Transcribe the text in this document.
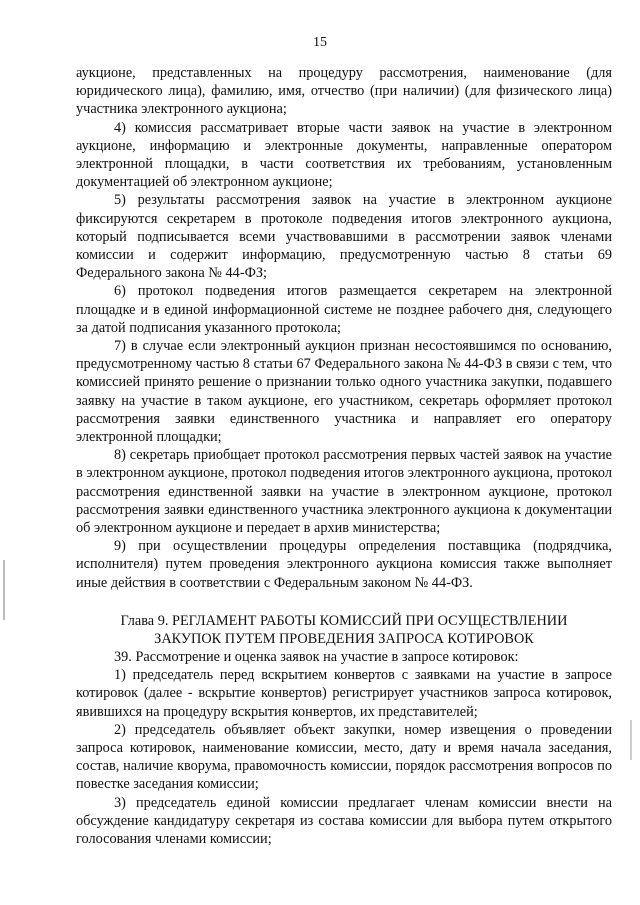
15

аукционе, представленных на процедуру рассмотрения, наименование (для юридического лица), фамилию, имя, отчество (при наличии) (для физического лица) участника электронного аукциона;

4) комиссия рассматривает вторые части заявок на участие в электронном аукционе, информацию и электронные документы, направленные оператором электронной площадки, в части соответствия их требованиям, установленным документацией об электронном аукционе;

5) результаты рассмотрения заявок на участие в электронном аукционе фиксируются секретарем в протоколе подведения итогов электронного аукциона, который подписывается всеми участвовавшими в рассмотрении заявок членами комиссии и содержит информацию, предусмотренную частью 8 статьи 69 Федерального закона № 44-ФЗ;

6) протокол подведения итогов размещается секретарем на электронной площадке и в единой информационной системе не позднее рабочего дня, следующего за датой подписания указанного протокола;

7) в случае если электронный аукцион признан несостоявшимся по основанию, предусмотренному частью 8 статьи 67 Федерального закона № 44-ФЗ в связи с тем, что комиссией принято решение о признании только одного участника закупки, подавшего заявку на участие в таком аукционе, его участником, секретарь оформляет протокол рассмотрения заявки единственного участника и направляет его оператору электронной площадки;

8) секретарь приобщает протокол рассмотрения первых частей заявок на участие в электронном аукционе, протокол подведения итогов электронного аукциона, протокол рассмотрения единственной заявки на участие в электронном аукционе, протокол рассмотрения заявки единственного участника электронного аукциона к документации об электронном аукционе и передает в архив министерства;

9) при осуществлении процедуры определения поставщика (подрядчика, исполнителя) путем проведения электронного аукциона комиссия также выполняет иные действия в соответствии с Федеральным законом № 44-ФЗ.

Глава 9. РЕГЛАМЕНТ РАБОТЫ КОМИССИЙ ПРИ ОСУЩЕСТВЛЕНИИ
ЗАКУПОК ПУТЕМ ПРОВЕДЕНИЯ ЗАПРОСА КОТИРОВОК

39. Рассмотрение и оценка заявок на участие в запросе котировок:

1) председатель перед вскрытием конвертов с заявками на участие в запросе котировок (далее - вскрытие конвертов) регистрирует участников запроса котировок, явившихся на процедуру вскрытия конвертов, их представителей;

2) председатель объявляет объект закупки, номер извещения о проведении запроса котировок, наименование комиссии, место, дату и время начала заседания, состав, наличие кворума, правомочность комиссии, порядок рассмотрения вопросов по повестке заседания комиссии;

3) председатель единой комиссии предлагает членам комиссии внести на обсуждение кандидатуру секретаря из состава комиссии для выбора путем открытого голосования членами комиссии;
